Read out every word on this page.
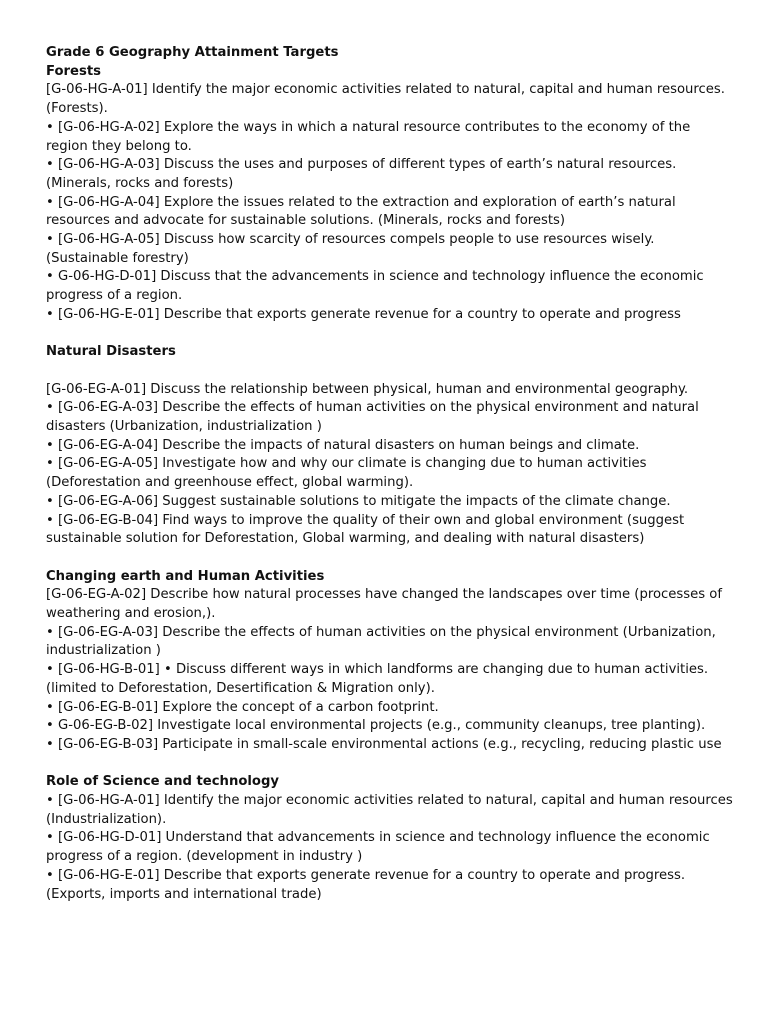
Grade 6 Geography Attainment Targets

Forests

[G-06-HG-A-01] Identify the major economic activities related to natural, capital and human resources. (Forests).

• [G-06-HG-A-02] Explore the ways in which a natural resource contributes to the economy of the region they belong to.

• [G-06-HG-A-03] Discuss the uses and purposes of different types of earth’s natural resources. (Minerals, rocks and forests)

• [G-06-HG-A-04] Explore the issues related to the extraction and exploration of earth’s natural resources and advocate for sustainable solutions. (Minerals, rocks and forests)

• [G-06-HG-A-05] Discuss how scarcity of resources compels people to use resources wisely. (Sustainable forestry)

• G-06-HG-D-01] Discuss that the advancements in science and technology influence the economic progress of a region.

• [G-06-HG-E-01] Describe that exports generate revenue for a country to operate and progress

Natural Disasters

[G-06-EG-A-01] Discuss the relationship between physical, human and environmental geography.

• [G-06-EG-A-03] Describe the effects of human activities on the physical environment and natural disasters (Urbanization, industrialization )

• [G-06-EG-A-04] Describe the impacts of natural disasters on human beings and climate.

• [G-06-EG-A-05] Investigate how and why our climate is changing due to human activities (Deforestation and greenhouse effect, global warming).

• [G-06-EG-A-06] Suggest sustainable solutions to mitigate the impacts of the climate change.

• [G-06-EG-B-04] Find ways to improve the quality of their own and global environment (suggest sustainable solution for Deforestation, Global warming, and dealing with natural disasters)

Changing earth and Human Activities

[G-06-EG-A-02] Describe how natural processes have changed the landscapes over time (processes of weathering and erosion,).

• [G-06-EG-A-03] Describe the effects of human activities on the physical environment (Urbanization, industrialization )

• [G-06-HG-B-01] • Discuss different ways in which landforms are changing due to human activities. (limited to Deforestation, Desertification & Migration only).

• [G-06-EG-B-01] Explore the concept of a carbon footprint.

• G-06-EG-B-02] Investigate local environmental projects (e.g., community cleanups, tree planting).

• [G-06-EG-B-03] Participate in small-scale environmental actions (e.g., recycling, reducing plastic use

Role of Science and technology

• [G-06-HG-A-01] Identify the major economic activities related to natural, capital and human resources (Industrialization).

• [G-06-HG-D-01] Understand that advancements in science and technology influence the economic progress of a region. (development in industry )

• [G-06-HG-E-01] Describe that exports generate revenue for a country to operate and progress. (Exports, imports and international trade)
